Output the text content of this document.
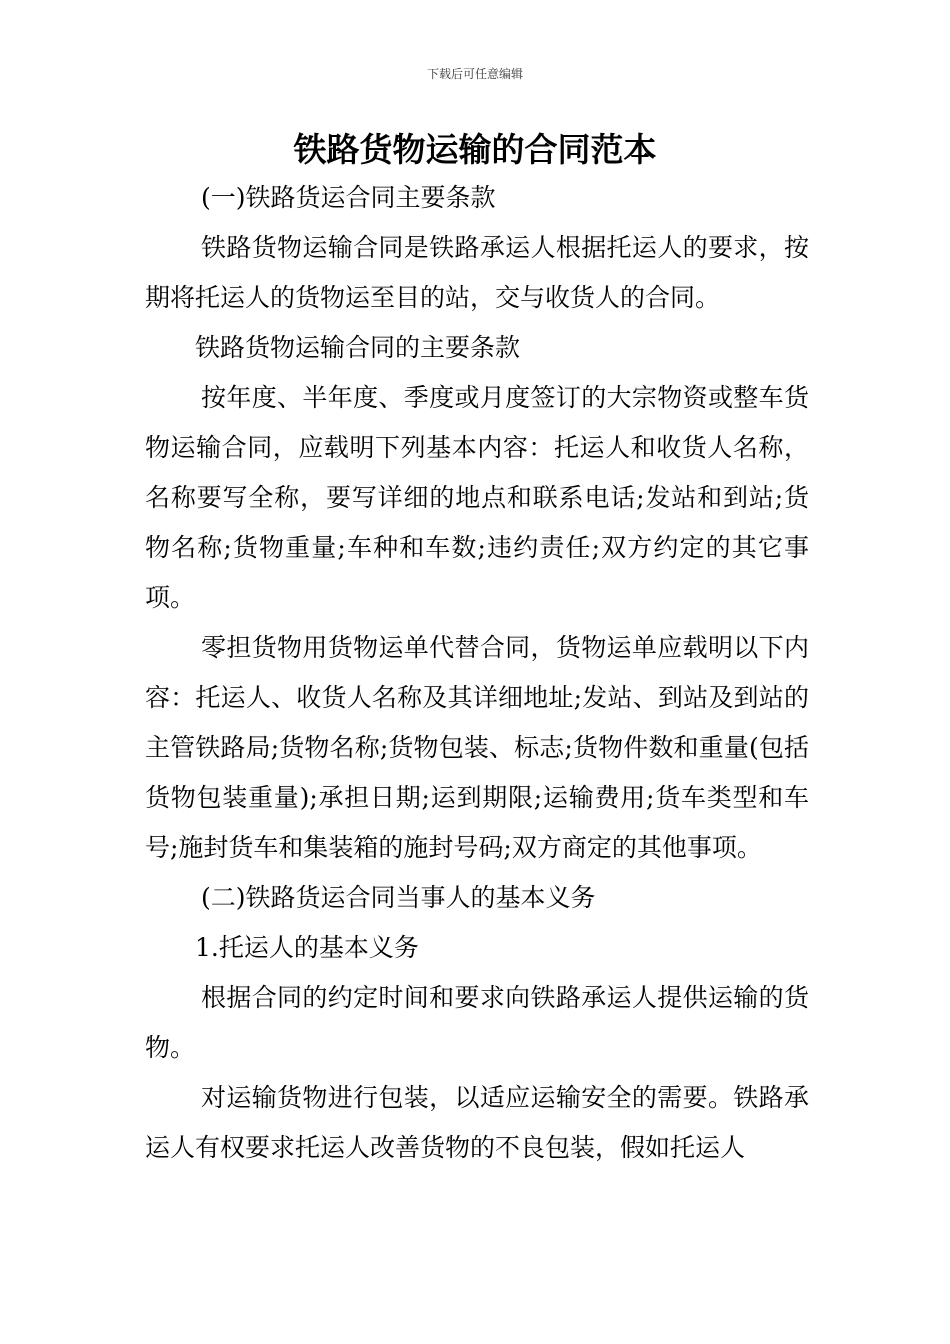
下载后可任意编辑
铁路货物运输的合同范本

(一)铁路货运合同主要条款

铁路货物运输合同是铁路承运人根据托运人的要求，按期将托运人的货物运至目的站，交与收货人的合同。

铁路货物运输合同的主要条款

按年度、半年度、季度或月度签订的大宗物资或整车货物运输合同，应载明下列基本内容：托运人和收货人名称，名称要写全称，要写详细的地点和联系电话;发站和到站;货物名称;货物重量;车种和车数;违约责任;双方约定的其它事项。

零担货物用货物运单代替合同，货物运单应载明以下内容：托运人、收货人名称及其详细地址;发站、到站及到站的主管铁路局;货物名称;货物包装、标志;货物件数和重量(包括货物包装重量);承担日期;运到期限;运输费用;货车类型和车号;施封货车和集装箱的施封号码;双方商定的其他事项。

(二)铁路货运合同当事人的基本义务

1.托运人的基本义务

根据合同的约定时间和要求向铁路承运人提供运输的货物。

对运输货物进行包装，以适应运输安全的需要。铁路承运人有权要求托运人改善货物的不良包装，假如托运人
